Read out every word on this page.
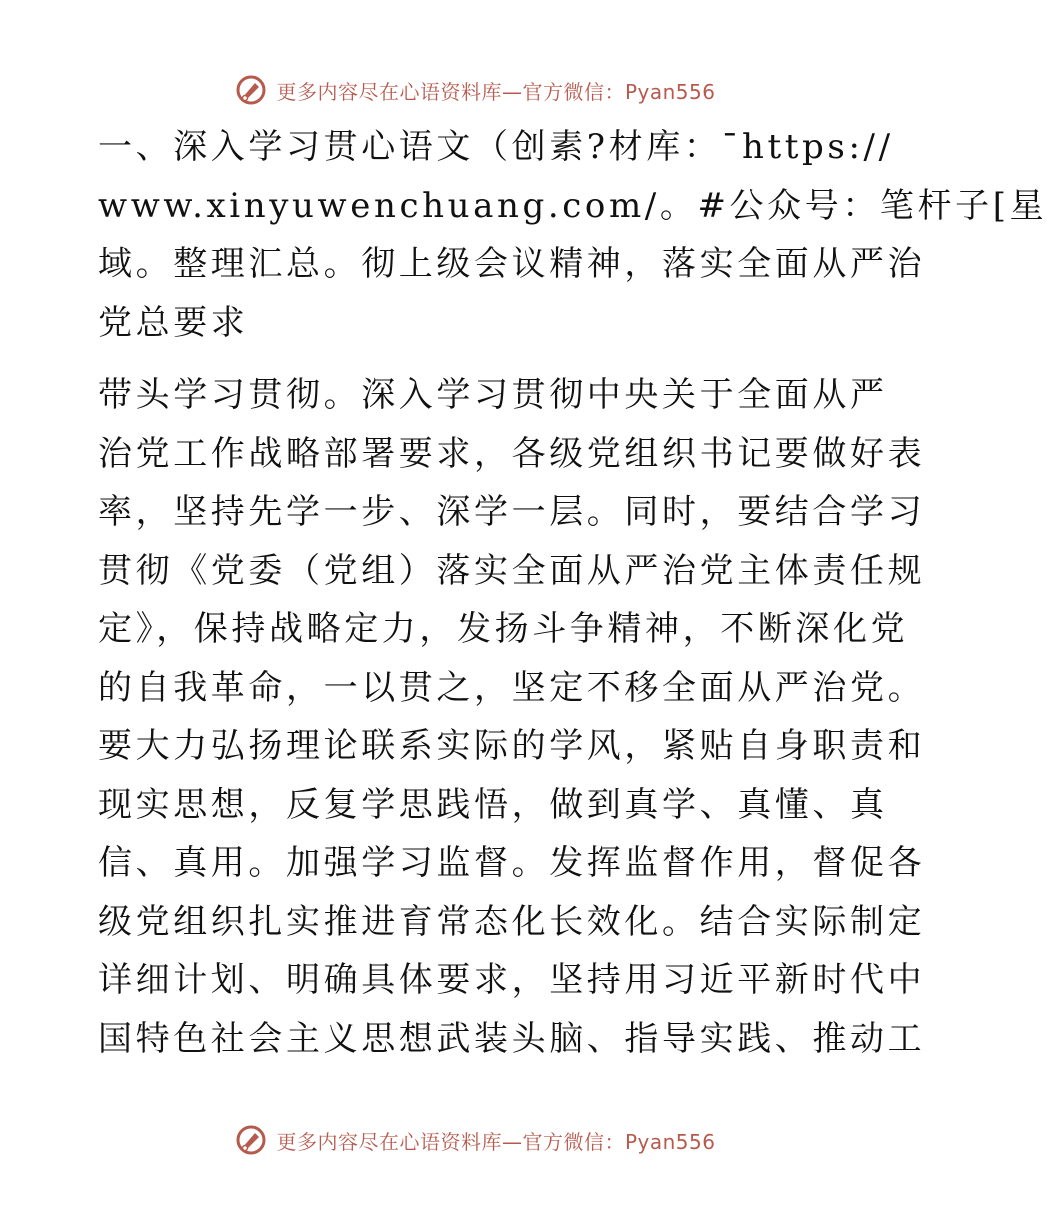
更多内容尽在心语资料库—官方微信：Pyan556
一、深入学习贯心语文（创素?材库：¯https://
www.xinyuwenchuang.com/。#公众号：笔杆子[星
域。整理汇总。彻上级会议精神，落实全面从严治
党总要求
带头学习贯彻。深入学习贯彻中央关于全面从严
治党工作战略部署要求，各级党组织书记要做好表
率，坚持先学一步、深学一层。同时，要结合学习
贯彻《党委（党组）落实全面从严治党主体责任规
定》，保持战略定力，发扬斗争精神，不断深化党
的自我革命，一以贯之，坚定不移全面从严治党。
要大力弘扬理论联系实际的学风，紧贴自身职责和
现实思想，反复学思践悟，做到真学、真懂、真
信、真用。加强学习监督。发挥监督作用，督促各
级党组织扎实推进育常态化长效化。结合实际制定
详细计划、明确具体要求，坚持用习近平新时代中
国特色社会主义思想武装头脑、指导实践、推动工
更多内容尽在心语资料库—官方微信：Pyan556
